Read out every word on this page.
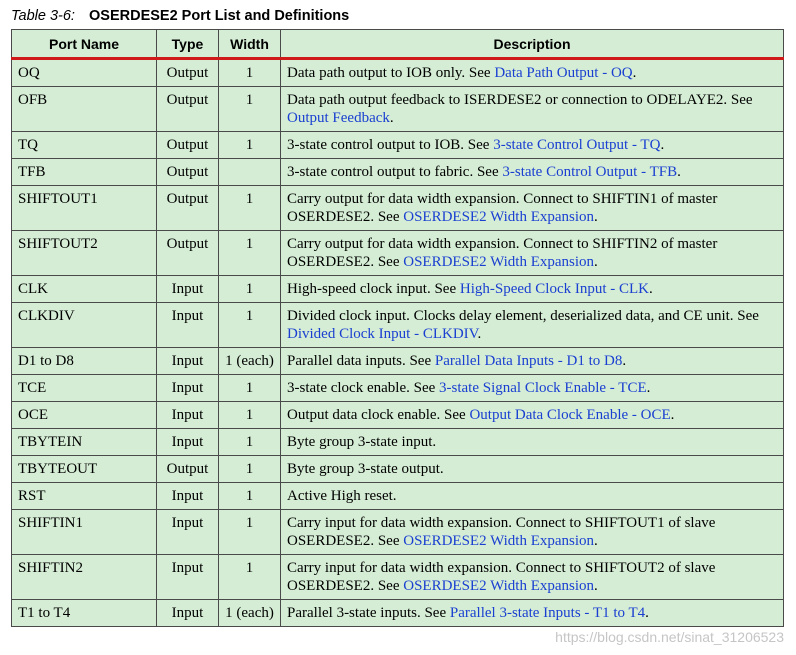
Table 3-6: OSERDESE2 Port List and Definitions
Port Name	Type	Width	Description
OQ	Output	1	Data path output to IOB only. See Data Path Output - OQ.
OFB	Output	1	Data path output feedback to ISERDESE2 or connection to ODELAYE2. See Output Feedback.
TQ	Output	1	3-state control output to IOB. See 3-state Control Output - TQ.
TFB	Output		3-state control output to fabric. See 3-state Control Output - TFB.
SHIFTOUT1	Output	1	Carry output for data width expansion. Connect to SHIFTIN1 of master OSERDESE2. See OSERDESE2 Width Expansion.
SHIFTOUT2	Output	1	Carry output for data width expansion. Connect to SHIFTIN2 of master OSERDESE2. See OSERDESE2 Width Expansion.
CLK	Input	1	High-speed clock input. See High-Speed Clock Input - CLK.
CLKDIV	Input	1	Divided clock input. Clocks delay element, deserialized data, and CE unit. See Divided Clock Input - CLKDIV.
D1 to D8	Input	1 (each)	Parallel data inputs. See Parallel Data Inputs - D1 to D8.
TCE	Input	1	3-state clock enable. See 3-state Signal Clock Enable - TCE.
OCE	Input	1	Output data clock enable. See Output Data Clock Enable - OCE.
TBYTEIN	Input	1	Byte group 3-state input.
TBYTEOUT	Output	1	Byte group 3-state output.
RST	Input	1	Active High reset.
SHIFTIN1	Input	1	Carry input for data width expansion. Connect to SHIFTOUT1 of slave OSERDESE2. See OSERDESE2 Width Expansion.
SHIFTIN2	Input	1	Carry input for data width expansion. Connect to SHIFTOUT2 of slave OSERDESE2. See OSERDESE2 Width Expansion.
T1 to T4	Input	1 (each)	Parallel 3-state inputs. See Parallel 3-state Inputs - T1 to T4.
https://blog.csdn.net/sinat_31206523
